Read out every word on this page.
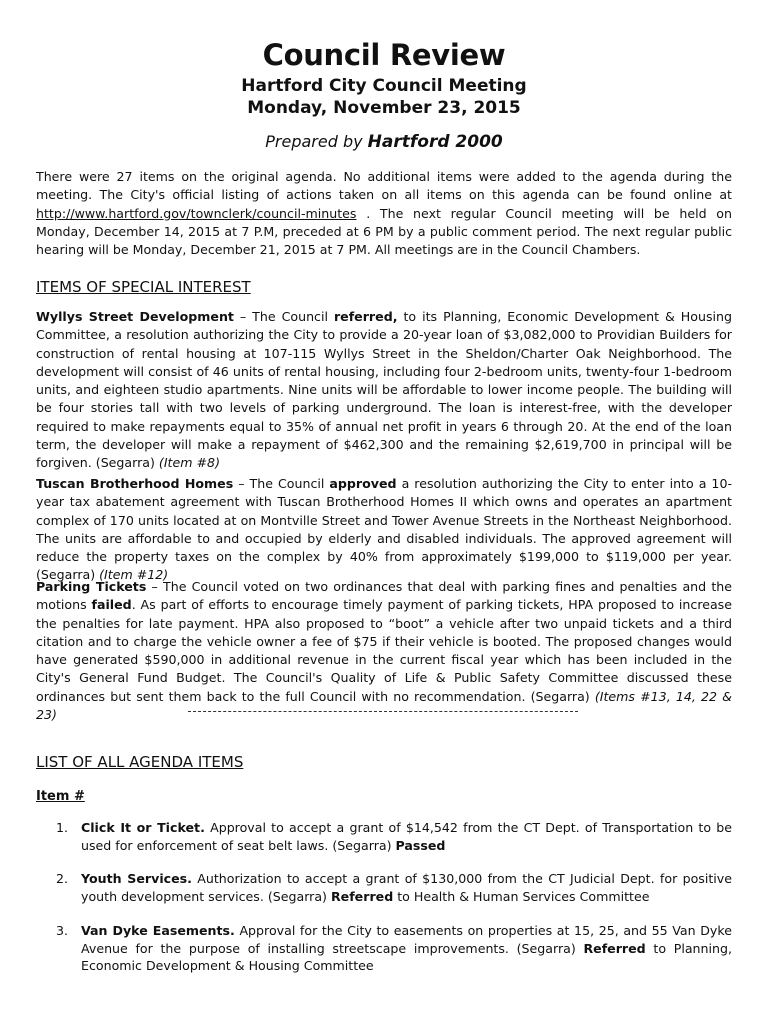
Council Review
Hartford City Council Meeting
Monday, November 23, 2015
Prepared by Hartford 2000

There were 27 items on the original agenda. No additional items were added to the agenda during the meeting. The City's official listing of actions taken on all items on this agenda can be found online at http://www.hartford.gov/townclerk/council-minutes . The next regular Council meeting will be held on Monday, December 14, 2015 at 7 P.M, preceded at 6 PM by a public comment period. The next regular public hearing will be Monday, December 21, 2015 at 7 PM. All meetings are in the Council Chambers.

ITEMS OF SPECIAL INTEREST

Wyllys Street Development – The Council referred, to its Planning, Economic Development & Housing Committee, a resolution authorizing the City to provide a 20-year loan of $3,082,000 to Providian Builders for construction of rental housing at 107-115 Wyllys Street in the Sheldon/Charter Oak Neighborhood. The development will consist of 46 units of rental housing, including four 2-bedroom units, twenty-four 1-bedroom units, and eighteen studio apartments. Nine units will be affordable to lower income people. The building will be four stories tall with two levels of parking underground. The loan is interest-free, with the developer required to make repayments equal to 35% of annual net profit in years 6 through 20. At the end of the loan term, the developer will make a repayment of $462,300 and the remaining $2,619,700 in principal will be forgiven. (Segarra) (Item #8)

Tuscan Brotherhood Homes – The Council approved a resolution authorizing the City to enter into a 10-year tax abatement agreement with Tuscan Brotherhood Homes II which owns and operates an apartment complex of 170 units located at on Montville Street and Tower Avenue Streets in the Northeast Neighborhood. The units are affordable to and occupied by elderly and disabled individuals. The approved agreement will reduce the property taxes on the complex by 40% from approximately $199,000 to $119,000 per year. (Segarra) (Item #12)

Parking Tickets – The Council voted on two ordinances that deal with parking fines and penalties and the motions failed. As part of efforts to encourage timely payment of parking tickets, HPA proposed to increase the penalties for late payment. HPA also proposed to “boot” a vehicle after two unpaid tickets and a third citation and to charge the vehicle owner a fee of $75 if their vehicle is booted. The proposed changes would have generated $590,000 in additional revenue in the current fiscal year which has been included in the City's General Fund Budget. The Council's Quality of Life & Public Safety Committee discussed these ordinances but sent them back to the full Council with no recommendation. (Segarra) (Items #13, 14, 22 & 23)

LIST OF ALL AGENDA ITEMS
Item #
1.	Click It or Ticket. Approval to accept a grant of $14,542 from the CT Dept. of Transportation to be used for enforcement of seat belt laws. (Segarra) Passed
2.	Youth Services. Authorization to accept a grant of $130,000 from the CT Judicial Dept. for positive youth development services. (Segarra) Referred to Health & Human Services Committee
3.	Van Dyke Easements. Approval for the City to easements on properties at 15, 25, and 55 Van Dyke Avenue for the purpose of installing streetscape improvements. (Segarra) Referred to Planning, Economic Development & Housing Committee
